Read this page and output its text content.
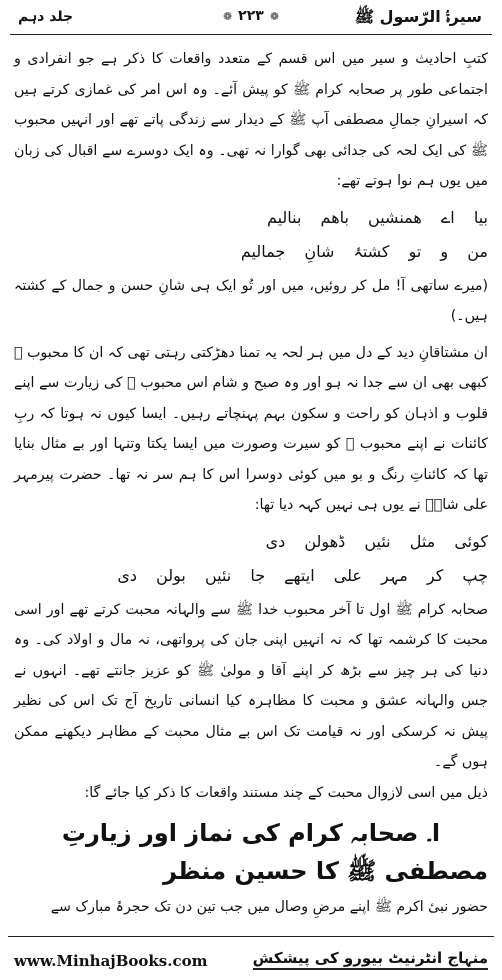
جلد دہم	❁ ۲۲۳ ❁	سیرۃُ الرّسول ﷺ

کتبِ احادیث و سیر میں اس قسم کے متعدد واقعات کا ذکر ہے جو انفرادی و اجتماعی طور پر صحابہ کرام ﷺ کو پیش آئے۔ وہ اس امر کی غمازی کرتے ہیں کہ اسیرانِ جمالِ مصطفی آپ ﷺ کے دیدار سے زندگی پاتے تھے اور انہیں محبوب ﷺ کی ایک لحہ کی جدائی بھی گوارا نہ تھی۔ وہ ایک دوسرے سے اقبال کی زبان میں یوں ہم نوا ہوتے تھے:

بیا اے همنشیں باهم بنالیم
من و تو کشتۂ شانِ جمالیم

(میرے ساتھی آ! مل کر روئیں، میں اور تُو ایک ہی شانِ حسن و جمال کے کشتہ ہیں۔)

ان مشتاقانِ دید کے دل میں ہر لحہ یہ تمنا دھڑکتی رہتی تھی کہ ان کا محبوب ﷺ کبھی بھی ان سے جدا نہ ہو اور وہ صبح و شام اس محبوب ﷺ کی زیارت سے اپنے قلوب و اذہان کو راحت و سکون بہم پہنچاتے رہیں۔ ایسا کیوں نہ ہوتا کہ ربِ کائنات نے اپنے محبوب ﷺ کو سیرت وصورت میں ایسا یکتا وتنہا اور بے مثال بنایا تھا کہ کائناتِ رنگ و بو میں کوئی دوسرا اس کا ہم سر نہ تھا۔ حضرت پیرمہر علی شاہؒ نے یوں ہی نہیں کہہ دیا تھا:

کوئی مثل نئیں ڈھولن دی
چپ کر مہر علی ایتھے جا نئیں بولن دی

صحابہ کرام ﷺ اول تا آخر محبوب خدا ﷺ سے والہانہ محبت کرتے تھے اور اسی محبت کا کرشمہ تھا کہ نہ انہیں اپنی جان کی پرواتھی، نہ مال و اولاد کی۔ وہ دنیا کی ہر چیز سے بڑھ کر اپنے آقا و مولیٰ ﷺ کو عزیز جانتے تھے۔ انہوں نے جس والہانہ عشق و محبت کا مظاہرہ کیا انسانی تاریخ آج تک اس کی نظیر پیش نہ کرسکی اور نہ قیامت تک اس بے مثال محبت کے مظاہر دیکھنے ممکن ہوں گے۔

ذیل میں اسی لازوال محبت کے چند مستند واقعات کا ذکر کیا جائے گا:

ا۔ صحابہ کرام کی نماز اور زیارتِ مصطفی ﷺ کا حسین منظر

حضور نبیٔ اکرم ﷺ اپنے مرضِ وصال میں جب تین دن تک حجرۂ مبارک سے

www.MinhajBooks.com	منہاج انٹرنیٹ بیورو کی پیشکش
